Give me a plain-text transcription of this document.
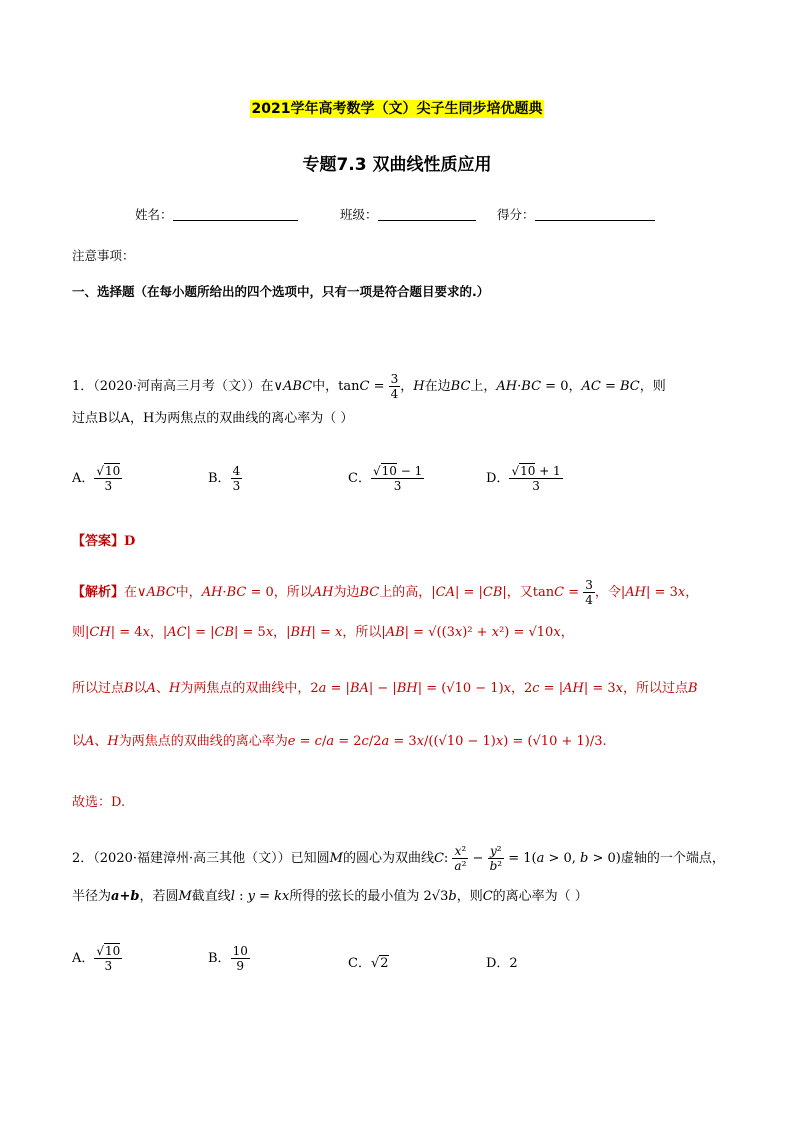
2021学年高考数学（文）尖子生同步培优题典
专题7.3 双曲线性质应用
姓名：	班级：	得分：
注意事项：
一、选择题（在每小题所给出的四个选项中，只有一项是符合题目要求的.）
1．（2020·河南高三月考（文））在∨ABC中，$\tan C = \frac{3}{4}$ ，H在边BC上，AH·BC = 0，AC = BC，则
过点B以A，H为两焦点的双曲线的离心率为（ ）
A． $\frac{√10}{3}$	B． $\frac{4}{3}$	C． $\frac{√10 - 1}{3}$	D． $\frac{√10 + 1}{3}$
【答案】D
【解析】在∨ABC中，AH·BC = 0，所以AH为边BC上的高，|CA| = |CB|，又$\tan C = \frac{3}{4}$ ，令|AH| = 3x，
则|CH| = 4x，|AC| = |CB| = 5x，|BH| = x，所以|AB| = √((3x)² + x²) = √10x，
所以过点B以A、H为两焦点的双曲线中，2a = |BA| − |BH| = (√10 − 1)x，2c = |AH| = 3x，所以过点B
以A、H为两焦点的双曲线的离心率为e = c/a = 2c/2a = 3x/((√10 − 1)x) = (√10 + 1)/3.
故选：D.
2．（2020·福建漳州·高三其他（文））已知圆M的圆心为双曲线C: $\frac{\text{x²}}{\text{a²}} - \frac{\text{y²}}{\text{b²}} = 1(a > 0$, b > 0)虚轴的一个端点，
半径为a+b，若圆M截直线l : y = kx所得的弦长的最小值为 2√3b，则C的离心率为（ ）
A． $\frac{√10}{3}$	B． $\frac{10}{9}$	C．√2	D．2
